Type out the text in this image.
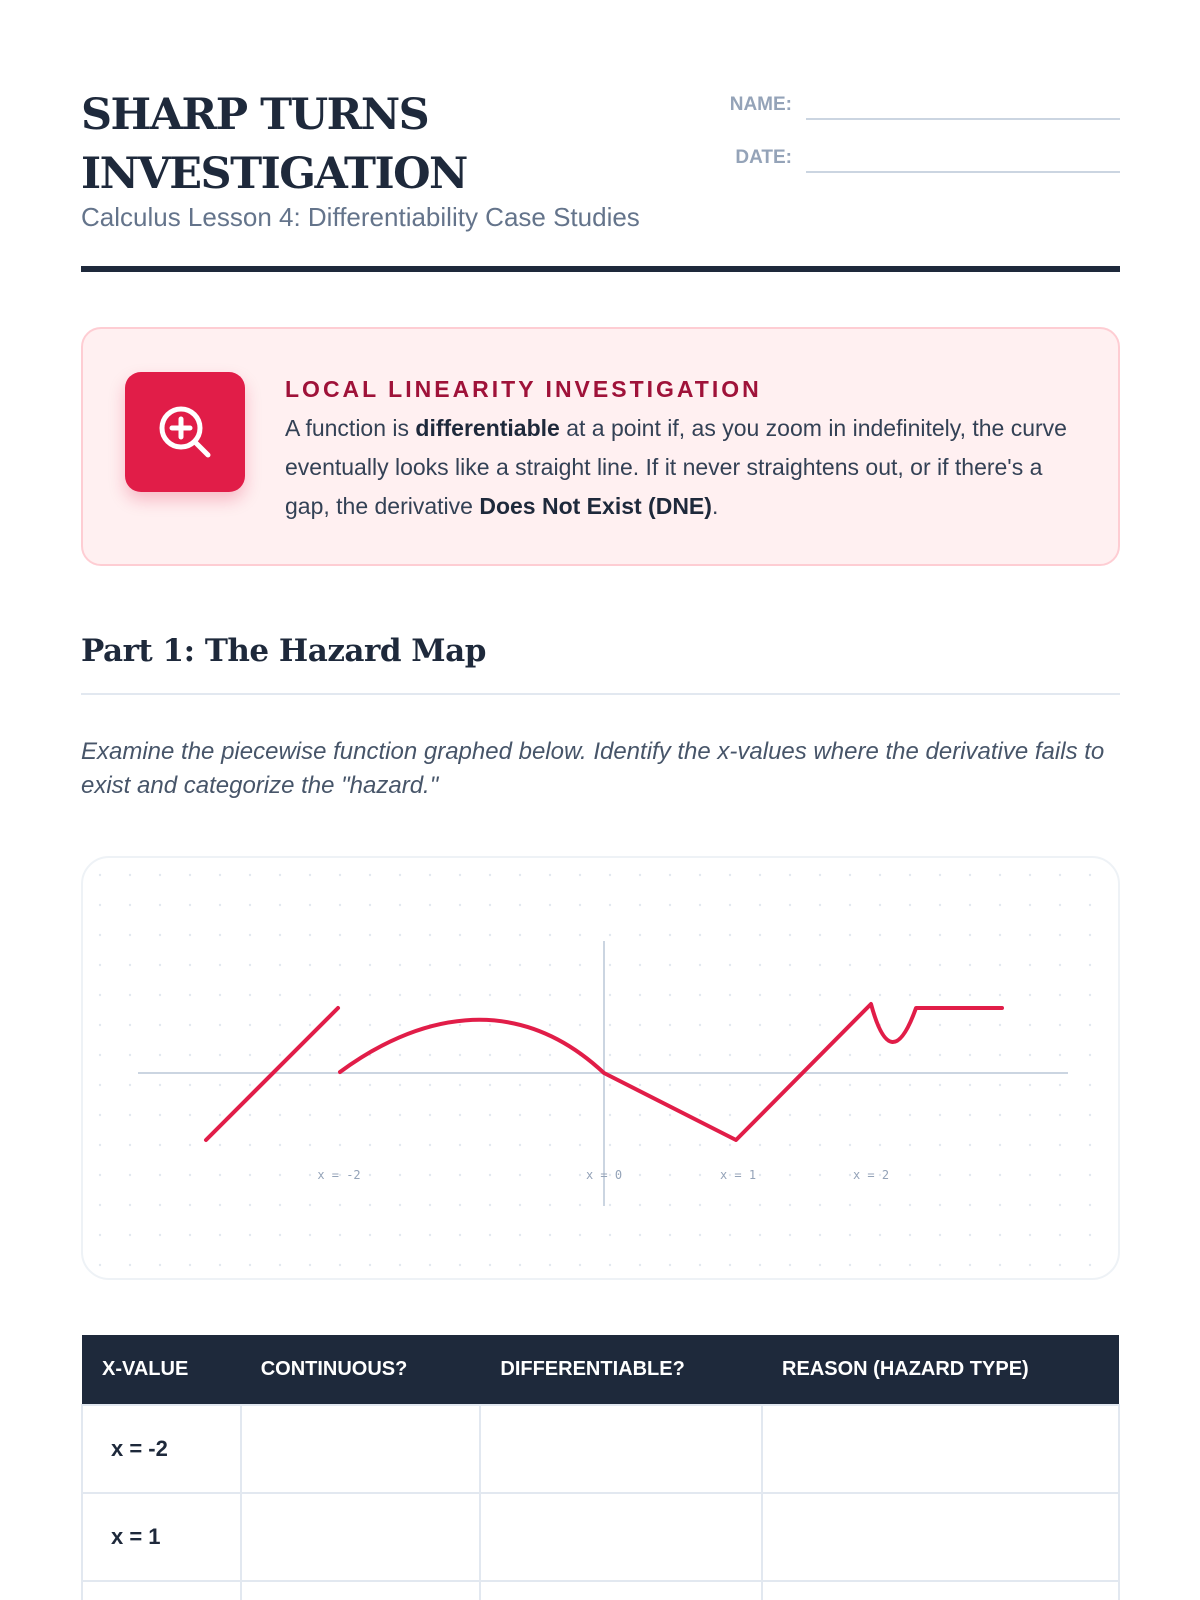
SHARP TURNS INVESTIGATION
Calculus Lesson 4: Differentiability Case Studies
NAME:
DATE:
LOCAL LINEARITY INVESTIGATION

A function is differentiable at a point if, as you zoom in indefinitely, the curve eventually looks like a straight line. If it never straightens out, or if there's a gap, the derivative Does Not Exist (DNE).

Part 1: The Hazard Map

Examine the piecewise function graphed below. Identify the x-values where the derivative fails to exist and categorize the "hazard."

x = -2	x = 0	x = 1	x = 2
X-VALUE	CONTINUOUS?	DIFFERENTIABLE?	REASON (HAZARD TYPE)
x = -2			
x = 1			
